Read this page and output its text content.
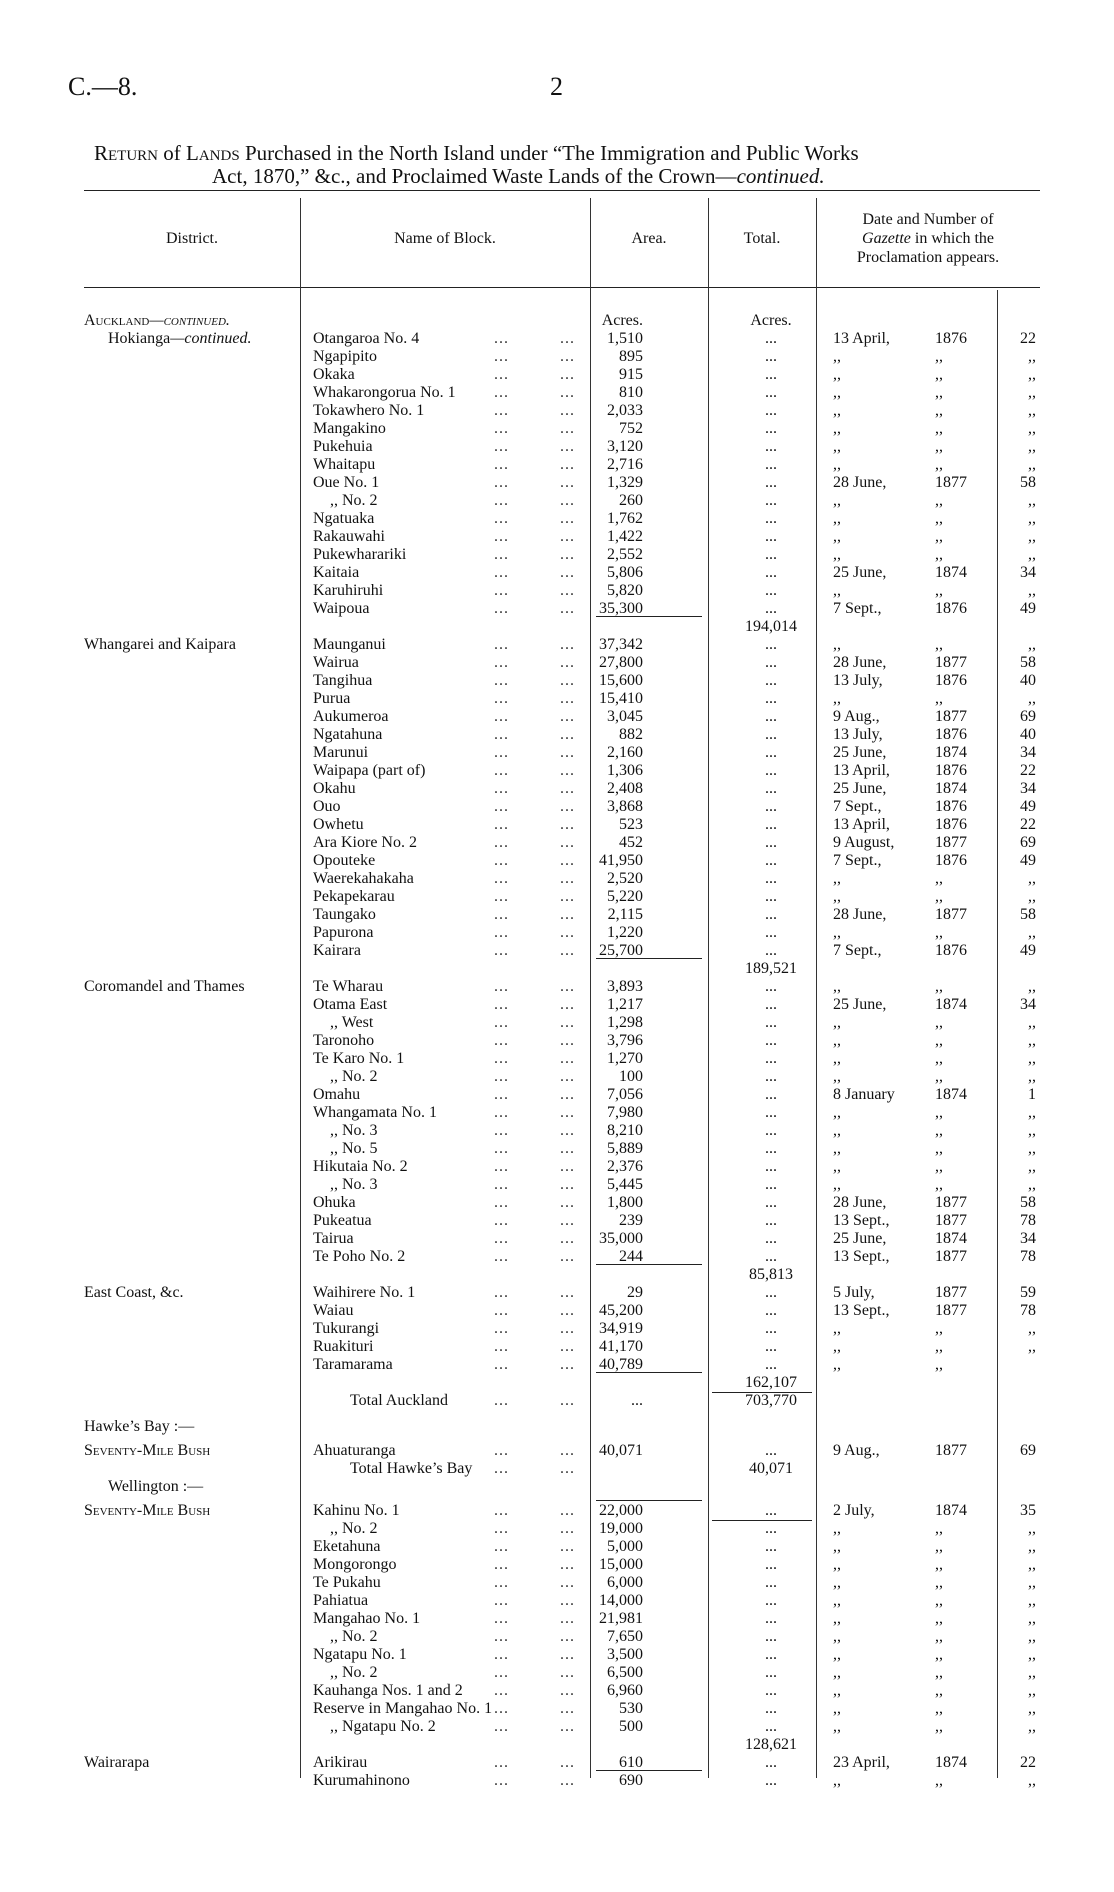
C.—8.	2
Return of Lands Purchased in the North Island under “The Immigration and Public Works
Act, 1870,” &c., and Proclaimed Waste Lands of the Crown—continued.
District.	Name of Block.	Area.	Total.
Date and Number of
Gazette in which the
Proclamation appears.
Auckland—continued.	Acres.	Acres.
Hokianga—continued.	Otangaroa No. 4	...	... 1,510	...	13 April,	1876	22
Ngapipito	...	...	895	...	,,	,,	,,
Okaka	...	...	915	...	,,	,,	,,
Whakarongorua No. 1 ...	...	810	...	,,	,,	,,
Tokawhero No. 1	...	... 2,033	...	,,	,,	,,
Mangakino	...	...	752	...	,,	,,	,,
Pukehuia	...	... 3,120	...	,,	,,	,,
Whaitapu	...	... 2,716	...	,,	,,	,,
Oue No. 1	...	... 1,329	...	28 June,	1877	58
,, No. 2	...	...	260	...	,,	,,	,,
Ngatuaka	...	... 1,762	...	,,	,,	,,
Rakauwahi	...	... 1,422	...	,,	,,	,,
Pukewharariki	...	... 2,552	...	,,	,,	,,
Kaitaia	...	... 5,806	...	25 June,	1874	34
Karuhiruhi	...	... 5,820	...	,,	,,	,,
Waipoua	...	... 35,300	...	7 Sept.,	1876	49
194,014
Whangarei and Kaipara	Maunganui	...	... 37,342	...	,,	,,	,,
Wairua	...	... 27,800	...	28 June,	1877	58
Tangihua	...	... 15,600	...	13 July,	1876	40
Purua	...	... 15,410	...	,,	,,	,,
Aukumeroa	...	... 3,045	...	9 Aug.,	1877	69
Ngatahuna	...	...	882	...	13 July,	1876	40
Marunui	...	... 2,160	...	25 June,	1874	34
Waipapa (part of)	...	... 1,306	...	13 April,	1876	22
Okahu	...	... 2,408	...	25 June,	1874	34
Ouo	...	... 3,868	...	7 Sept.,	1876	49
Owhetu	...	...	523	...	13 April,	1876	22
Ara Kiore No. 2	...	...	452	...	9 August,	1877	69
Opouteke	...	... 41,950	...	7 Sept.,	1876	49
Waerekahakaha	...	... 2,520	...	,,	,,	,,
Pekapekarau	...	... 5,220	...	,,	,,	,,
Taungako	...	... 2,115	...	28 June,	1877	58
Papurona	...	... 1,220	...	,,	,,	,,
Kairara	...	... 25,700	...	7 Sept.,	1876	49
189,521
Coromandel and Thames	Te Wharau	...	... 3,893	...	,,	,,	,,
Otama East	...	... 1,217	...	25 June,	1874	34
,, West	...	... 1,298	...	,,	,,	,,
Taronoho	...	... 3,796	...	,,	,,	,,
Te Karo No. 1	...	... 1,270	...	,,	,,	,,
,, No. 2	...	...	100	...	,,	,,	,,
Omahu	...	... 7,056	...	8 January	1874	1
Whangamata No. 1	...	... 7,980	...	,,	,,	,,
,, No. 3	...	... 8,210	...	,,	,,	,,
,, No. 5	...	... 5,889	...	,,	,,	,,
Hikutaia No. 2	...	... 2,376	...	,,	,,	,,
,, No. 3	...	... 5,445	...	,,	,,	,,
Ohuka	...	... 1,800	...	28 June,	1877	58
Pukeatua	...	...	239	...	13 Sept.,	1877	78
Tairua	...	... 35,000	...	25 June,	1874	34
Te Poho No. 2	...	...	244	...	13 Sept.,	1877	78
85,813
East Coast, &c.	Waihirere No. 1	...	...	29	...	5 July,	1877	59
Waiau	...	... 45,200	...	13 Sept.,	1877	78
Tukurangi	...	... 34,919	...	,,	,,	,,
Ruakituri	...	... 41,170	...	,,	,,	,,
Taramarama	...	... 40,789	...	,,	,,
162,107
Total Auckland	...	...	...	703,770
Hawke’s Bay :—
Seventy-Mile Bush	Ahuaturanga	...	... 40,071	...	9 Aug.,	1877	69
Total Hawke’s Bay ...	...	40,071
Wellington :—
Seventy-Mile Bush	Kahinu No. 1	...	... 22,000	...	2 July,	1874	35
,, No. 2	...	... 19,000	...	,,	,,	,,
Eketahuna	...	... 5,000	...	,,	,,	,,
Mongorongo	...	... 15,000	...	,,	,,	,,
Te Pukahu	...	... 6,000	...	,,	,,	,,
Pahiatua	...	... 14,000	...	,,	,,	,,
Mangahao No. 1	...	... 21,981	...	,,	,,	,,
,, No. 2	...	... 7,650	...	,,	,,	,,
Ngatapu No. 1	...	... 3,500	...	,,	,,	,,
,, No. 2	...	... 6,500	...	,,	,,	,,
Kauhanga Nos. 1 and 2 ...	... 6,960	...	,,	,,	,,
Reserve in Mangahao No. 1 ...	...	530	...	,,	,,	,,
,, Ngatapu No. 2	...	...	500	...	,,	,,	,,
128,621
Wairarapa	Arikirau	...	...	610	...	23 April,	1874	22
Kurumahinono	...	...	690	...	,,	,,	,,
